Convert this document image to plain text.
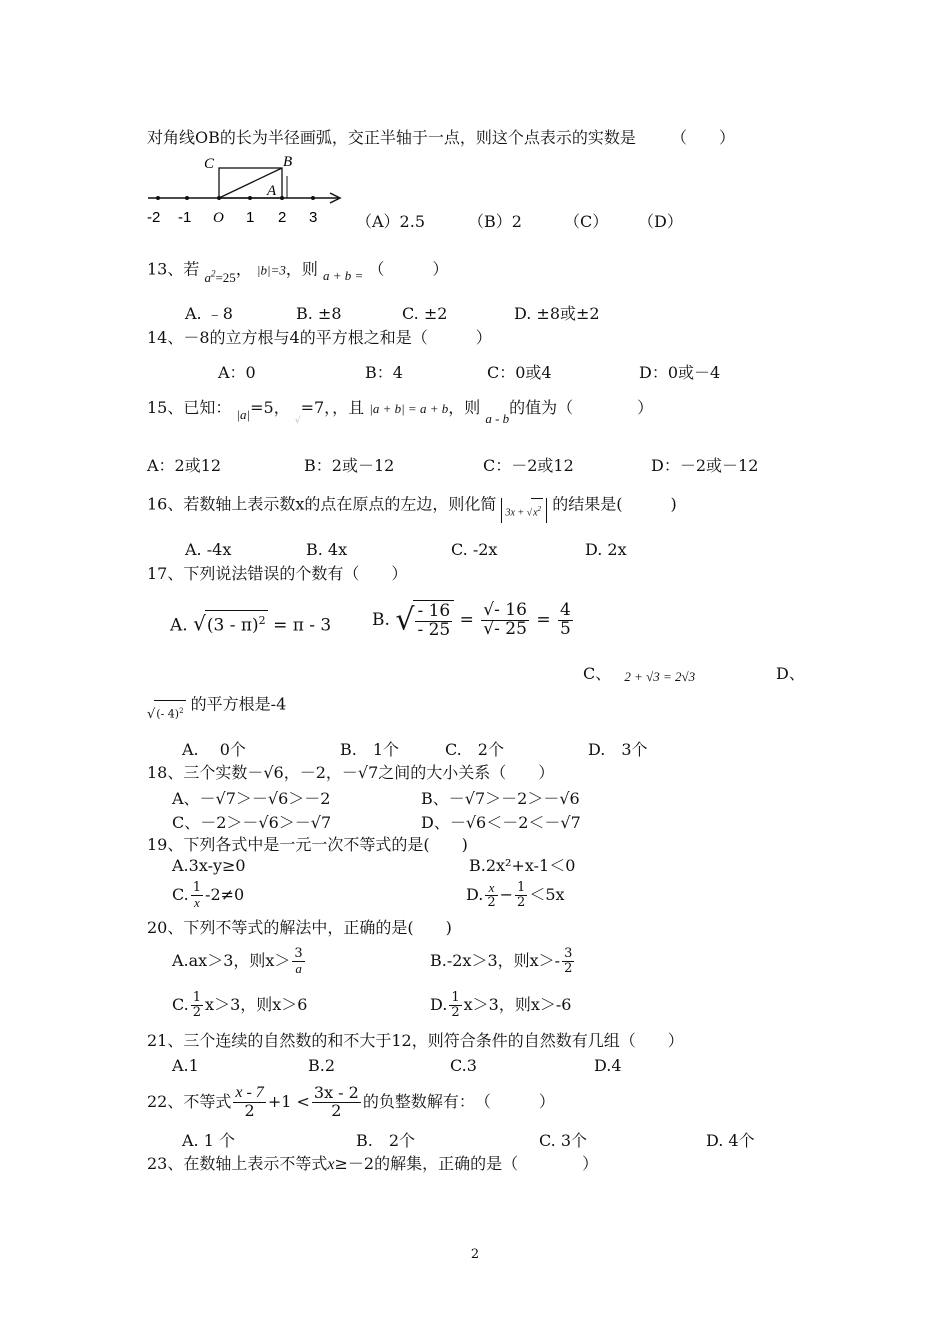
对角线OB的长为半径画弧，交正半轴于一点，则这个点表示的实数是 （　　）
C	B
A
O
-2 -1	1 2 3 （A）2.5	（B）2	（C） （D）
13、若 $_{a^2=25}$， |b|=3，则 $_{a + b =}$ （　　　）
A. ﹣8	B. ±8	C. ±2	D. ±8或±2
14、－8的立方根与4的平方根之和是（　　　）
A：0	B：4	C：0或4	D：0或－4
15、已知： $_{|a|}$=5， $_√$=7，，且 |a + b| = a + b，则 $_{a - b}$的值为（　　　　）
A：2或12	B：2或－12	C：－2或12	D：－2或－12
16、若数轴上表示数x的点在原点的左边，则化简 $3x + √x^2$ 的结果是(　　　)
A. -4x	B. 4x	C. -2x	D. 2x
17、下列说法错误的个数有（　　）
A. √(3 - π)$^2$ = π - 3 B. √ $\frac{- 16}{- 25} = \frac{√- 16}{√- 25} = \frac{4}{5}$
C、 2 + √3 = 2√3	D、
$_{√(- 4)^2}$ 的平方根是-4
A.　 0个	B.　1个	C.　2个	D.　3个
18、三个实数－√6，－2，－√7之间的大小关系（　　）
A、－√7＞－√6＞－2	B、－√7＞－2＞－√6
C、－2＞－√6＞－√7	D、－√6＜－2＜－√7
19、下列各式中是一元一次不等式的是(　　)
A.3x-y≥0	B.2x²+x-1＜0
C. $\frac{1}{x} -2\ne 0$	D. $\frac{x}{2} - \frac{1}{2} <5x$
20、下列不等式的解法中，正确的是(　　)
A.ax＞3，则$x> \frac{3}{a}$	B.-2x＞3，则$x>- \frac{3}{2}$
C. $\frac{1}{2} x>3$，则x＞6	D. $\frac{1}{2} x>3$，则x＞-6
21、三个连续的自然数的和不大于12，则符合条件的自然数有几组（　　）
A.1	B.2	C.3	D.4
22、不等式 $\frac{x - 7}{2} +1 < \frac{3x - 2}{2}$ 的负整数解有：　（　　　）
A. 1 个	B.　2个	C. 3个	D. 4个
23、在数轴上表示不等式x≥－2的解集，正确的是（　　　　）
2
